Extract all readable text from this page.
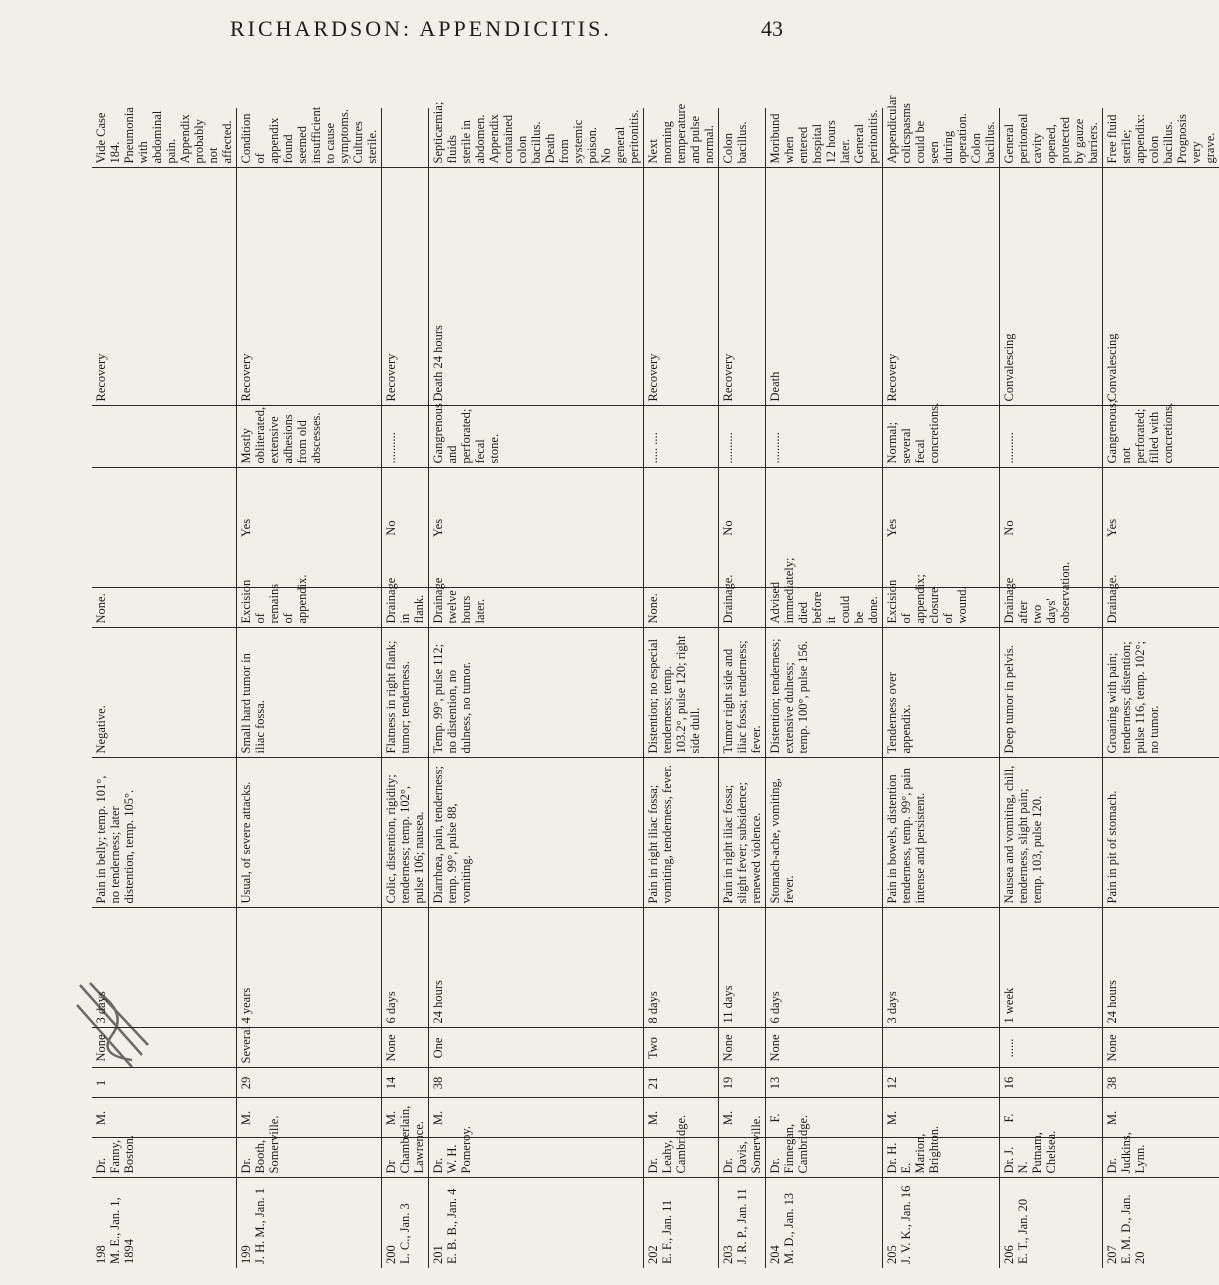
RICHARDSON: APPENDICITIS.	43
198 M. E., Jan. 1, 1894	Dr. Fanny, Boston.	M.	1	None	3 days	Pain in belly; temp. 101°, no tenderness; later distention, temp. 105°.	Negative.	None.			Recovery	Vide Case 184. Pneumonia with abdominal pain. Appendix probably not affected.

199 J. H. M., Jan. 1	Dr. Booth, Somerville.	M.	29	Several	4 years	Usual, of severe attacks.	Small hard tumor in iliac fossa.	Excision of remains of appendix.	Yes	Mostly obliterated, extensive adhesions from old abscesses.	Recovery	Condition of appendix found seemed insufficient to cause symptoms. Cultures sterile.

200 L. C., Jan. 3	Dr Chamberlain, Lawrence.	M.	14	None	6 days	Colic, distention, rigidity; tenderness; temp. 102°, pulse 106; nausea.	Flatness in right flank; tumor; tenderness.	Drainage in flank.	No	..........	Recovery	

201 E. B. B., Jan. 4	Dr. W. H. Pomeroy.	M.	38	One	24 hours	Diarrhœa, pain, tenderness; temp. 99°, pulse 88, vomiting.	Temp. 99°, pulse 112; no distention, no dulness, no tumor.	Drainage twelve hours later.	Yes	Gangrenous and perforated; fecal stone.	Death 24 hours	Septicæmia; fluids sterile in abdomen. Appendix contained colon bacillus. Death from systemic poison. No general peritonitis.

202 E. F., Jan. 11	Dr. Leahy, Cambridge.	M.	21	Two	8 days	Pain in right iliac fossa; vomiting, tenderness, fever.	Distention; no especial tenderness; temp. 103.2°, pulse 120; right side dull.	None.		..... ....	Recovery	Next morning temperature and pulse normal.

203 J. R. P., Jan. 11	Dr. Davis, Somerville.	M.	19	None	11 days	Pain in right iliac fossa; slight fever; subsidence; renewed violence.	Tumor right side and iliac fossa; tenderness; fever.	Drainage.	No	..........	Recovery	Colon bacillus.

204 M. D., Jan. 13	Dr. Finnegan, Cambridge.	F.	13	None	6 days	Stomach-ache, vomiting, fever.	Distention; tenderness; extensive dulness; temp. 100°, pulse 156.	Advised immediately; died before it could be done.		..........	Death	Moribund when entered hospital 12 hours later. General peritonitis.

205 J. V. K., Jan. 16	Dr. H. E. Marion, Brighton.	M.	12		3 days	Pain in bowels, distention tenderness, temp. 99°, pain intense and persistent.	Tenderness over appendix.	Excision of appendix; closure of wound.	Yes	Normal; several fecal concretions.	Recovery	Appendicular colicspasms could be seen during operation. Colon bacillus.

206 E. T., Jan. 20	Dr. J. N. Putnam, Chelsea.	F.	16	......	1 week	Nausea and vomiting, chill, tenderness, slight pain; temp. 103, pulse 120.	Deep tumor in pelvis.	Drainage after two days' observation.	No	..........	Convalescing	General peritoneal cavity opened, protected by gauze barriers.

207 E. M. D., Jan. 20	Dr. Judkins, Lynn.	M.	38	None	24 hours	Pain in pit of stomach.	Groaning with pain; tenderness; distention; pulse 116, temp. 102°; no tumor.	Drainage.	Yes	Gangrenous; not perforated; filled with concretions.	Convalescing	Free fluid sterile; appendix: colon bacillus. Prognosis very grave.
